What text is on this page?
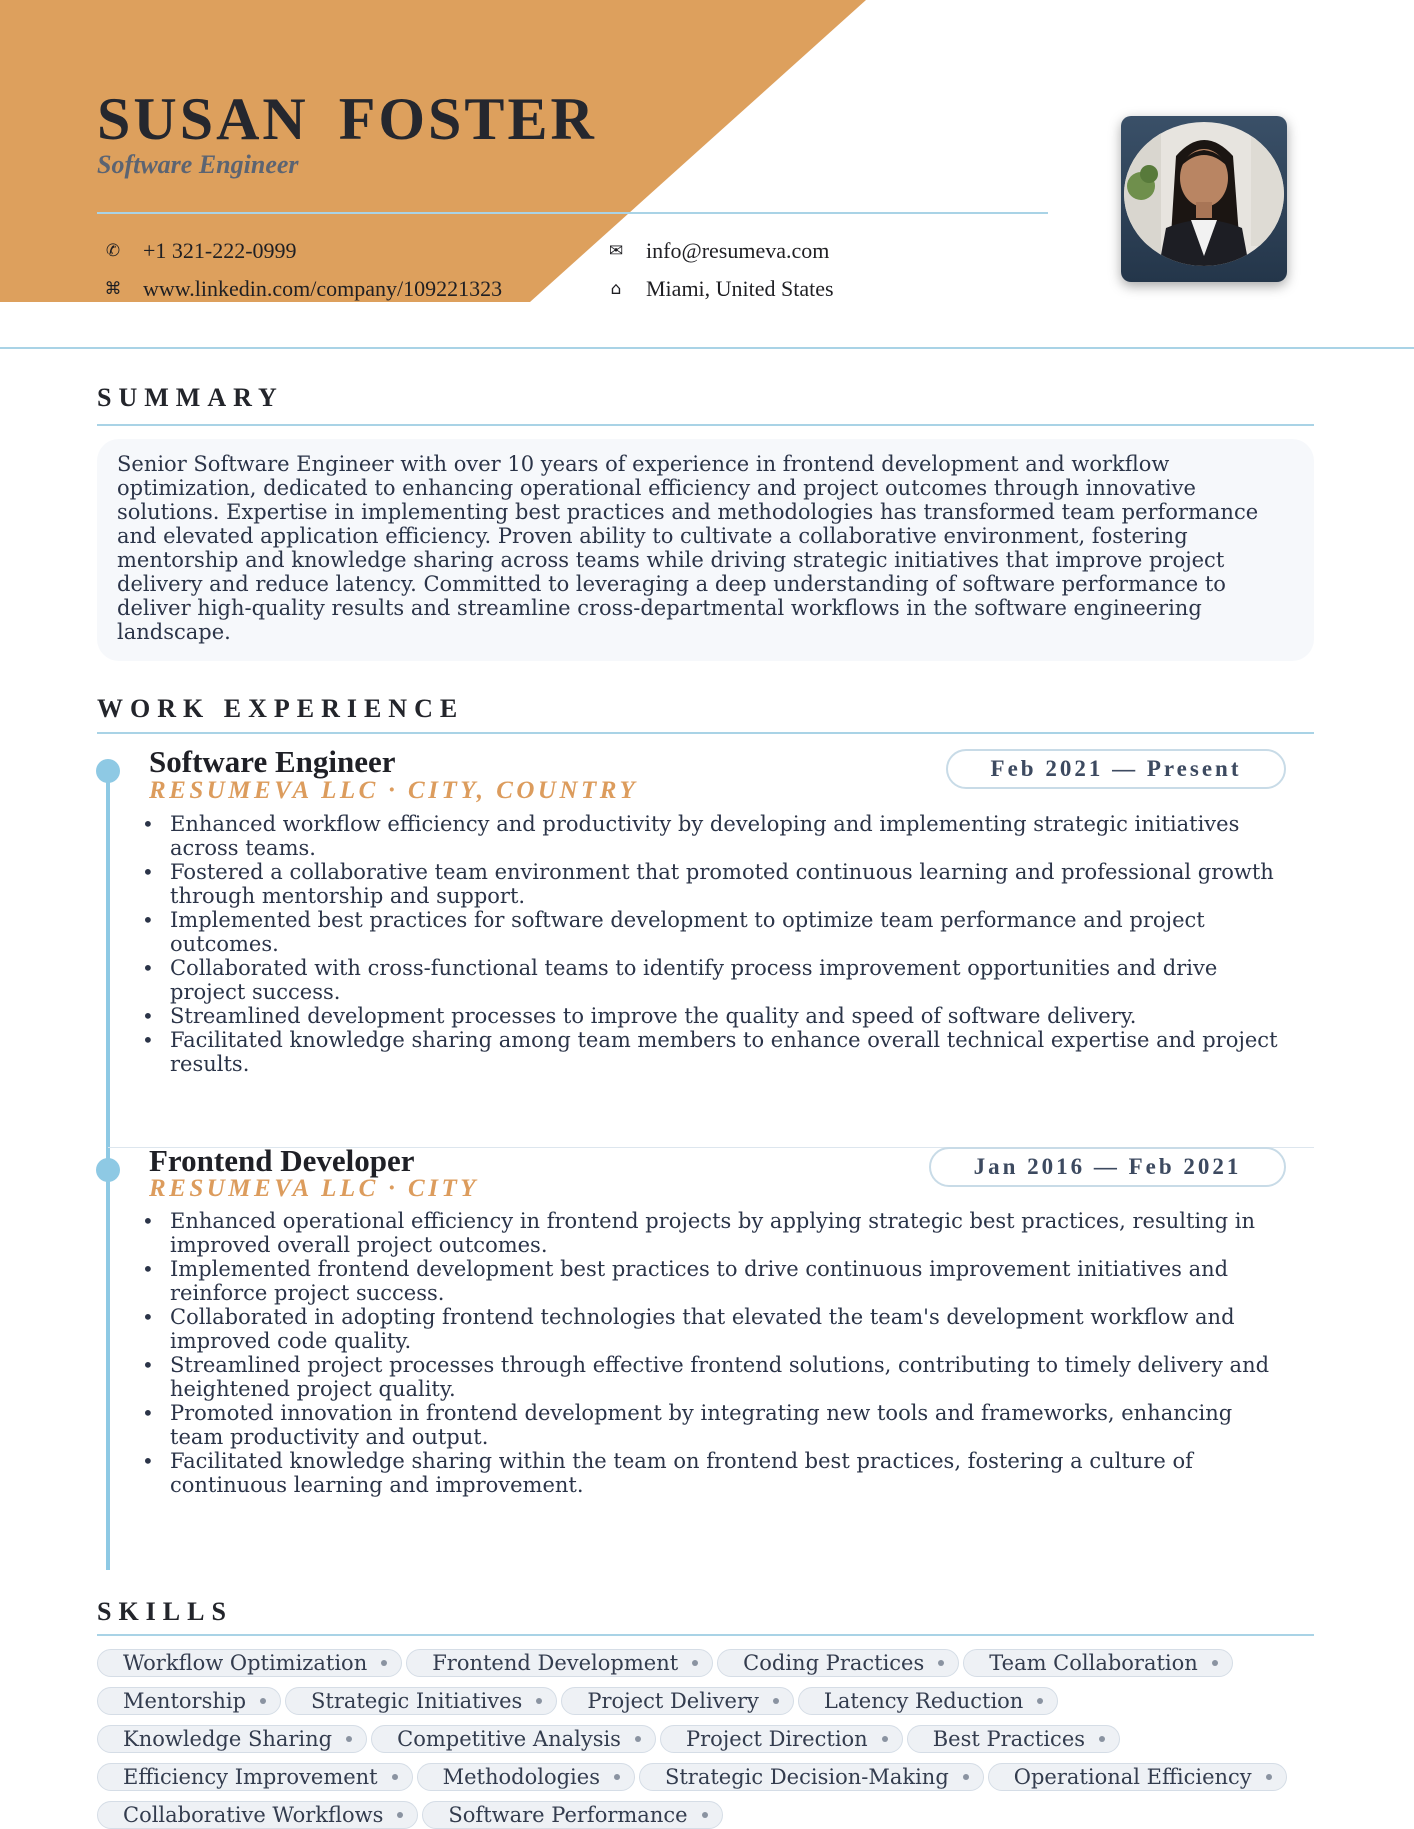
SUSAN FOSTER
Software Engineer
✆ +1 321-222-0999
⌘ www.linkedin.com/company/109221323
✉ info@resumeva.com
⌂	Miami, United States
SUMMARY
Senior Software Engineer with over 10 years of experience in frontend development and workflow optimization, dedicated to enhancing operational efficiency and project outcomes through innovative solutions. Expertise in implementing best practices and methodologies has transformed team performance and elevated application efficiency. Proven ability to cultivate a collaborative environment, fostering mentorship and knowledge sharing across teams while driving strategic initiatives that improve project delivery and reduce latency. Committed to leveraging a deep understanding of software performance to deliver high-quality results and streamline cross-departmental workflows in the software engineering landscape.
WORK EXPERIENCE
Software Engineer
RESUMEVA LLC · CITY, COUNTRY
Feb 2021 — Present
• Enhanced workflow efficiency and productivity by developing and implementing strategic initiatives across teams.
• Fostered a collaborative team environment that promoted continuous learning and professional growth through mentorship and support.
• Implemented best practices for software development to optimize team performance and project outcomes.
• Collaborated with cross-functional teams to identify process improvement opportunities and drive project success.
• Streamlined development processes to improve the quality and speed of software delivery.
• Facilitated knowledge sharing among team members to enhance overall technical expertise and project results.
Frontend Developer
RESUMEVA LLC · CITY
Jan 2016 — Feb 2021
• Enhanced operational efficiency in frontend projects by applying strategic best practices, resulting in improved overall project outcomes.
• Implemented frontend development best practices to drive continuous improvement initiatives and reinforce project success.
• Collaborated in adopting frontend technologies that elevated the team's development workflow and improved code quality.
• Streamlined project processes through effective frontend solutions, contributing to timely delivery and heightened project quality.
• Promoted innovation in frontend development by integrating new tools and frameworks, enhancing team productivity and output.
• Facilitated knowledge sharing within the team on frontend best practices, fostering a culture of continuous learning and improvement.
SKILLS
Workflow Optimization	Frontend Development	Coding Practices	Team Collaboration
Mentorship	Strategic Initiatives	Project Delivery	Latency Reduction
Knowledge Sharing	Competitive Analysis	Project Direction	Best Practices
Efficiency Improvement	Methodologies	Strategic Decision-Making	Operational Efficiency
Collaborative Workflows	Software Performance
